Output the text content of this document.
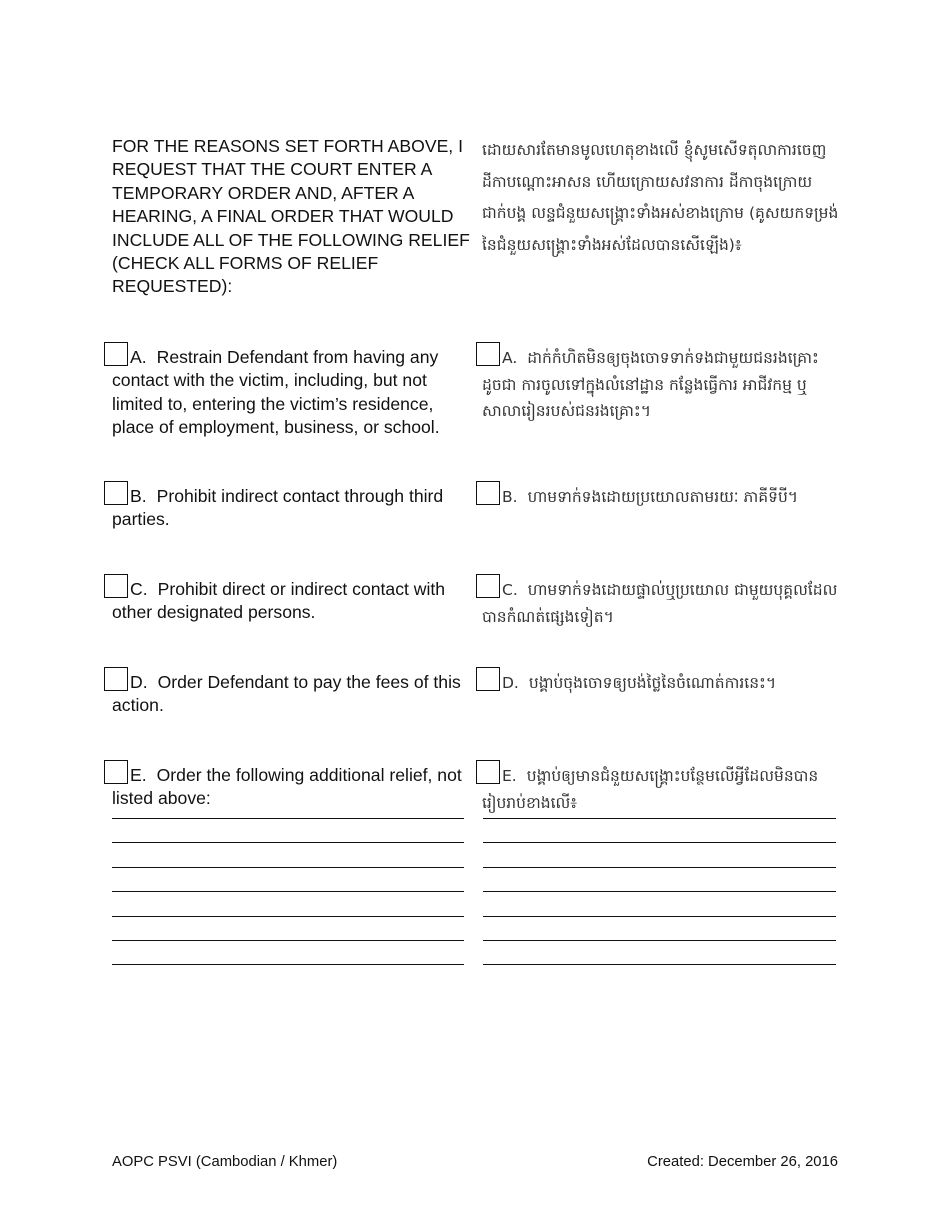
FOR THE REASONS SET FORTH ABOVE, I REQUEST THAT THE COURT ENTER A TEMPORARY ORDER AND, AFTER A HEARING, A FINAL ORDER THAT WOULD INCLUDE ALL OF THE FOLLOWING RELIEF (CHECK ALL FORMS OF RELIEF REQUESTED):

ដោយសារតែមានមូលហេតុខាងលើ ខ្ញុំសូមសើទតុលាការចេញដីកាបណ្តោះអាសន ហើយក្រោយសវនាការ ដីកាចុងក្រោយជាក់បង្គ លន្ទជំនួយសង្គ្រោះទាំងអស់ខាងក្រោម (គូសយកទម្រង់នៃជំនួយសង្គ្រោះទាំងអស់ដែលបានសើឡើង)៖

A. Restrain Defendant from having any contact with the victim, including, but not limited to, entering the victim’s residence, place of employment, business, or school.
A. ដាក់កំហិតមិនឲ្យចុងចោទទាក់ទងជាមួយជនរងគ្រោះ ដូចជា ការចូលទៅក្នុងលំនៅដ្ឋាន កន្លែងធ្វើការ អាជីវកម្ម ឬសាលារៀនរបស់ជនរងគ្រោះ។
B. Prohibit indirect contact through third parties.
B. ហាមទាក់ទងដោយប្រយោលតាមរយៈ ភាគីទីបី។
C. Prohibit direct or indirect contact with other designated persons.
C. ហាមទាក់ទងដោយផ្ទាល់ឬប្រយោល ជាមួយបុគ្គលដែលបានកំណត់ផ្សេងទៀត។
D. Order Defendant to pay the fees of this action.
D. បង្គាប់ចុងចោទឲ្យបង់ថ្លៃនៃចំណោត់ការនេះ។
E. Order the following additional relief, not listed above:
E. បង្គាប់ឲ្យមានជំនួយសង្គ្រោះបន្ថែមលើអ្វីដែលមិនបានរៀបរាប់ខាងលើ៖
AOPC PSVI (Cambodian / Khmer)	Created: December 26, 2016
